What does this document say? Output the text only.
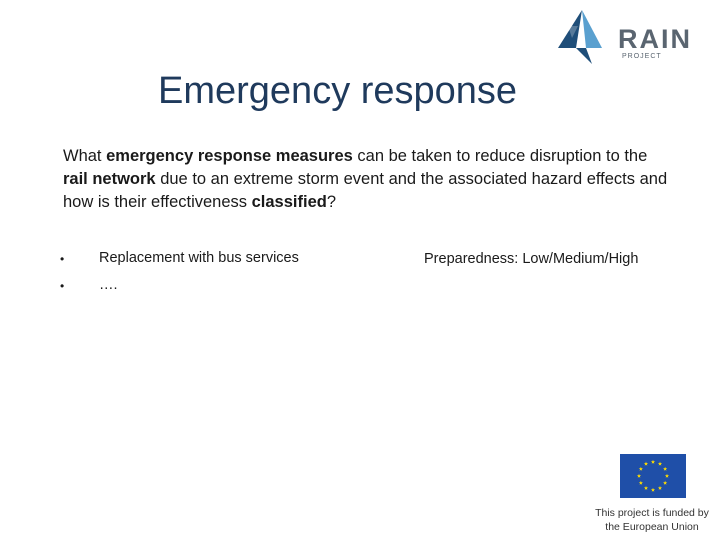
RAIN
PROJECT
Emergency response
What emergency response measures can be taken to reduce disruption to the rail network due to an extreme storm event and the associated hazard effects and how is their effectiveness classified?
• Replacement with bus services
• ….
Preparedness: Low/Medium/High
This project is funded by
the European Union
